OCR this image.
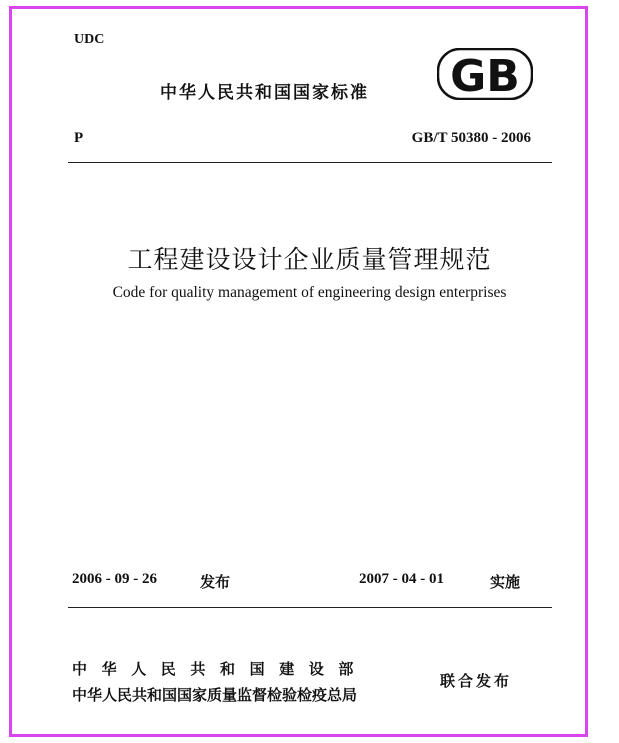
UDC
中华人民共和国国家标准 GB
P	GB/T 50380 - 2006
工程建设设计企业质量管理规范
Code for quality management of engineering design enterprises
2006 - 09 - 26	发布	2007 - 04 - 01	实施
中华人民共和国建设部
中华人民共和国国家质量监督检验检疫总局
联合发布
